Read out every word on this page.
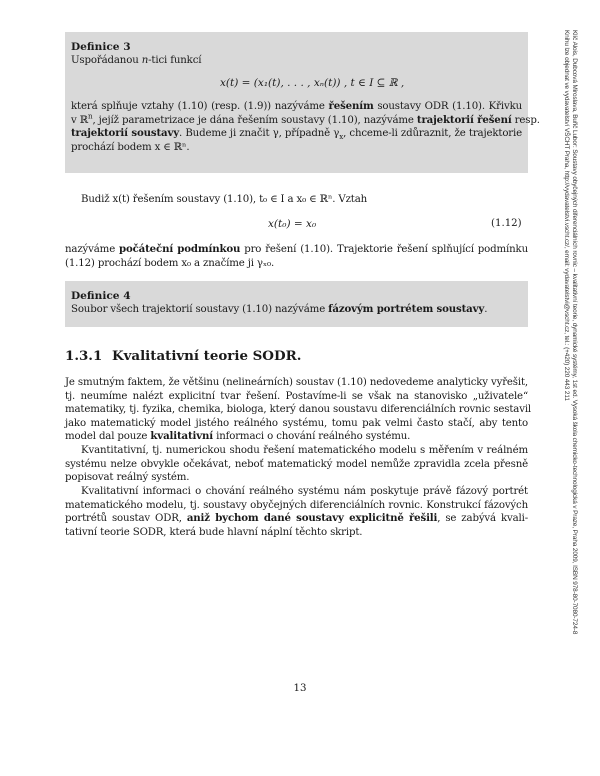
Definice 3
Uspořádanou n-tici funkcí
x(t) = (x₁(t), . . . , xₙ(t)) , t ∈ I ⊆ ℝ ,
která splňuje vztahy (1.10) (resp. (1.9)) nazýváme řešením soustavy ODR (1.10). Křivku
v ℝ$^n$, jejíž parametrizace je dána řešením soustavy (1.10), nazýváme trajektorií řešení resp.
trajektorií soustavy. Budeme ji značit γ, případně $\gamma_x$, chceme-li zdůraznit, že trajektorie
prochází bodem x ∈ ℝⁿ.
Budiž x(t) řešením soustavy (1.10), t₀ ∈ I a x₀ ∈ ℝⁿ. Vztah
x(t₀) = x₀	(1.12)
nazýváme počáteční podmínkou pro řešení (1.10). Trajektorie řešení splňující podmínku
(1.12) prochází bodem x₀ a značíme ji γₓ₀.
Definice 4
Soubor všech trajektorií soustavy (1.10) nazýváme fázovým portrétem soustavy.
1.3.1 Kvalitativní teorie SODR.
Je smutným faktem, že většinu (nelineárních) soustav (1.10) nedovedeme analyticky vyřešit,
tj. neumíme nalézt explicitní tvar řešení. Postavíme-li se však na stanovisko „uživatele“
matematiky, tj. fyzika, chemika, biologa, který danou soustavu diferenciálních rovnic sestavil
jako matematický model jistého reálného systému, tomu pak velmi často stačí, aby tento
model dal pouze kvalitativní informaci o chování reálného systému.
Kvantitativní, tj. numerickou shodu řešení matematického modelu s měřením v reálném
systému nelze obvykle očekávat, neboť matematický model nemůže zpravidla zcela přesně
popisovat reálný systém.
Kvalitativní informaci o chování reálného systému nám poskytuje právě fázový portrét
matematického modelu, tj. soustavy obyčejných diferenciálních rovnic. Konstrukcí fázových
portrétů soustav ODR, aniž bychom dané soustavy explicitně řešili, se zabývá kvali-
tativní teorie SODR, která bude hlavní náplní těchto skript.
13
Klíč Alois, Dubcová Miroslava, Buřič Lubor: Soustavy obyčejných diferenciálních rovnic – kvalitativní teorie, dynamické systémy, 1st ed. Vysoká škola chemicko-technologická v Praze, Praha 2009, ISBN 978-80-7080-724-8
Knihu lze objednat ve vydavatelství VŠCHT Praha, http://vydavatelstvi.vscht.cz/, email: vydavatelstvi@vscht.cz, tel.: (+420) 220 443 211
